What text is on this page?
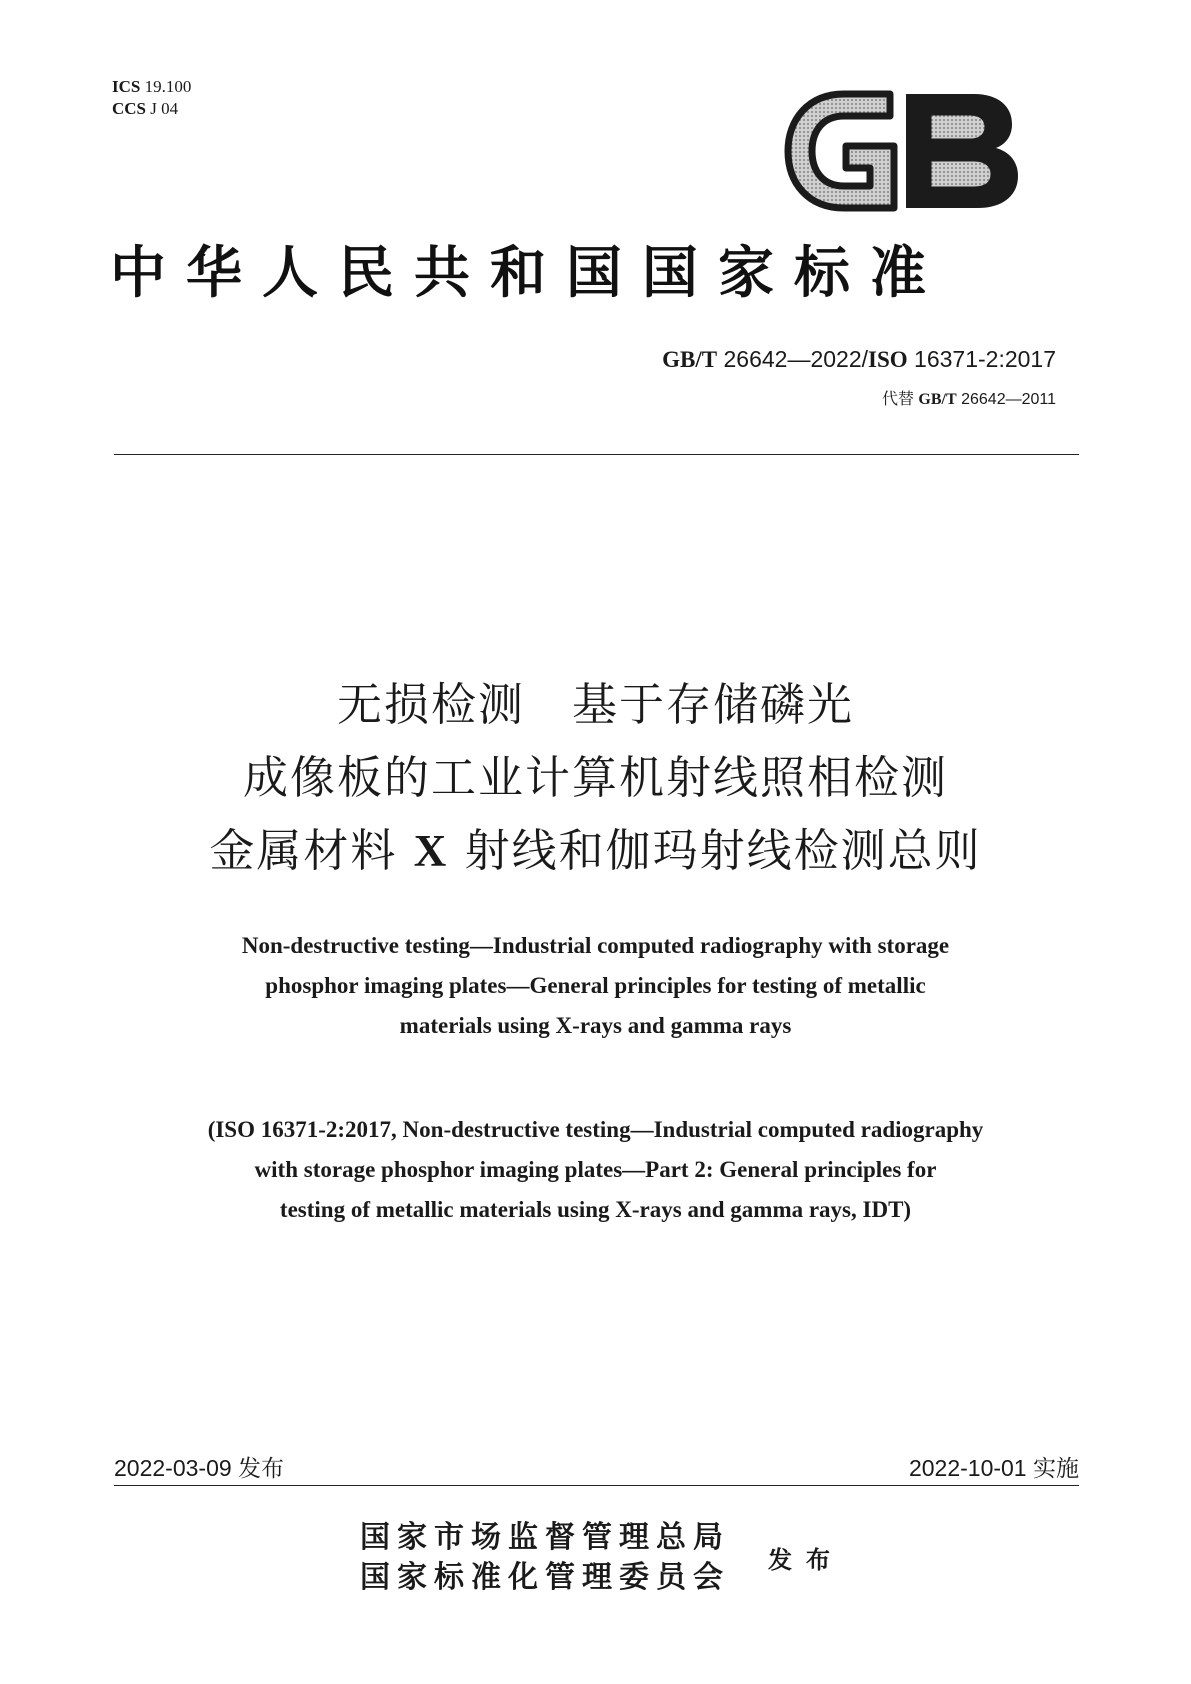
ICS 19.100
CCS J 04
中华人民共和国国家标准
GB/T 26642—2022/ISO 16371-2:2017
代替 GB/T 26642—2011
无损检测　基于存储磷光
成像板的工业计算机射线照相检测
金属材料 X 射线和伽玛射线检测总则
Non-destructive testing—Industrial computed radiography with storage
phosphor imaging plates—General principles for testing of metallic
materials using X-rays and gamma rays
(ISO 16371-2:2017, Non-destructive testing—Industrial computed radiography
with storage phosphor imaging plates—Part 2: General principles for
testing of metallic materials using X-rays and gamma rays, IDT)
2022-03-09 发布	2022-10-01 实施
国家市场监督管理总局
国家标准化管理委员会
发布
